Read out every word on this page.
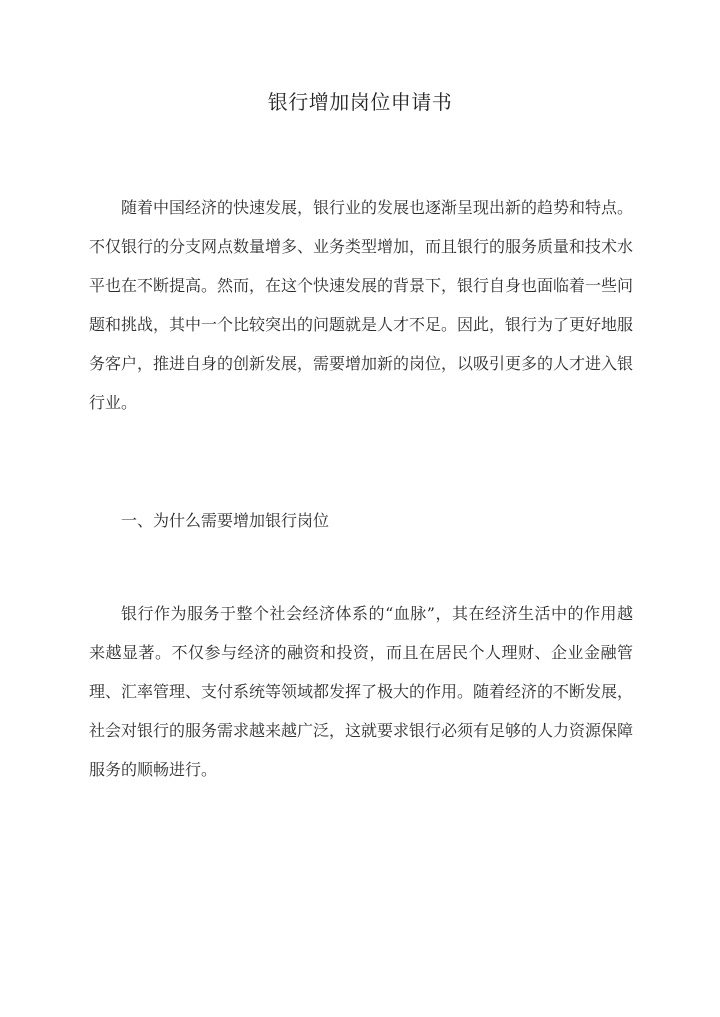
银行增加岗位申请书

随着中国经济的快速发展，银行业的发展也逐渐呈现出新的趋势和特点。不仅银行的分支网点数量增多、业务类型增加，而且银行的服务质量和技术水平也在不断提高。然而，在这个快速发展的背景下，银行自身也面临着一些问题和挑战，其中一个比较突出的问题就是人才不足。因此，银行为了更好地服务客户，推进自身的创新发展，需要增加新的岗位，以吸引更多的人才进入银行业。

一、为什么需要增加银行岗位

银行作为服务于整个社会经济体系的“血脉”，其在经济生活中的作用越来越显著。不仅参与经济的融资和投资，而且在居民个人理财、企业金融管理、汇率管理、支付系统等领域都发挥了极大的作用。随着经济的不断发展，社会对银行的服务需求越来越广泛，这就要求银行必须有足够的人力资源保障服务的顺畅进行。
